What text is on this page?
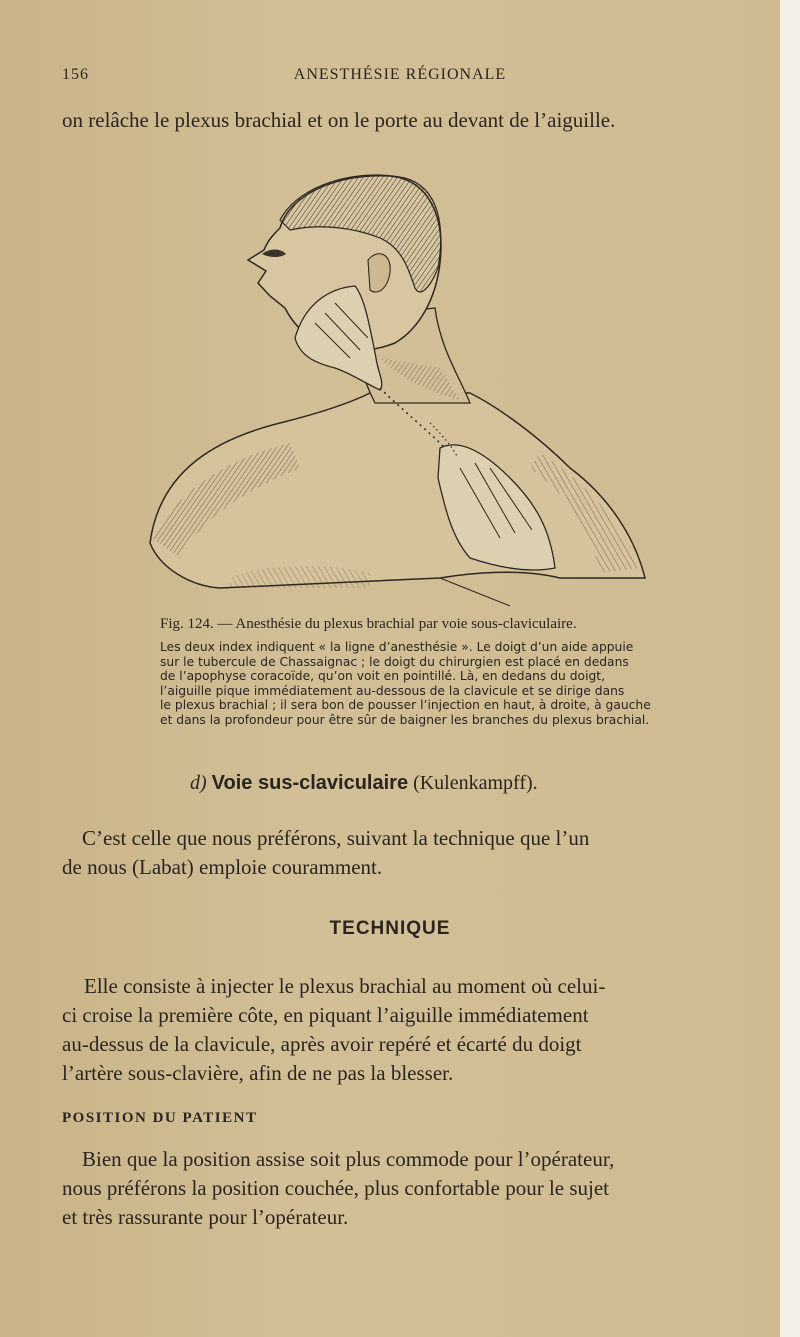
156	ANESTHÉSIE RÉGIONALE
on relâche le plexus brachial et on le porte au devant de l’aiguille.
Fig. 124. — Anesthésie du plexus brachial par voie sous-claviculaire.
Les deux index indiquent « la ligne d’anesthésie ». Le doigt d’un aide appuie
sur le tubercule de Chassaignac ; le doigt du chirurgien est placé en dedans
de l’apophyse coracoïde, qu’on voit en pointillé. Là, en dedans du doigt,
l’aiguille pique immédiatement au-dessous de la clavicule et se dirige dans
le plexus brachial ; il sera bon de pousser l’injection en haut, à droite, à gauche
et dans la profondeur pour être sûr de baigner les branches du plexus brachial.
d) Voie sus-claviculaire (Kulenkampff).
C’est celle que nous préférons, suivant la technique que l’un
de nous (Labat) emploie couramment.
TECHNIQUE
Elle consiste à injecter le plexus brachial au moment où celui-
ci croise la première côte, en piquant l’aiguille immédiatement
au-dessus de la clavicule, après avoir repéré et écarté du doigt
l’artère sous-clavière, afin de ne pas la blesser.
POSITION DU PATIENT
Bien que la position assise soit plus commode pour l’opérateur,
nous préférons la position couchée, plus confortable pour le sujet
et très rassurante pour l’opérateur.
